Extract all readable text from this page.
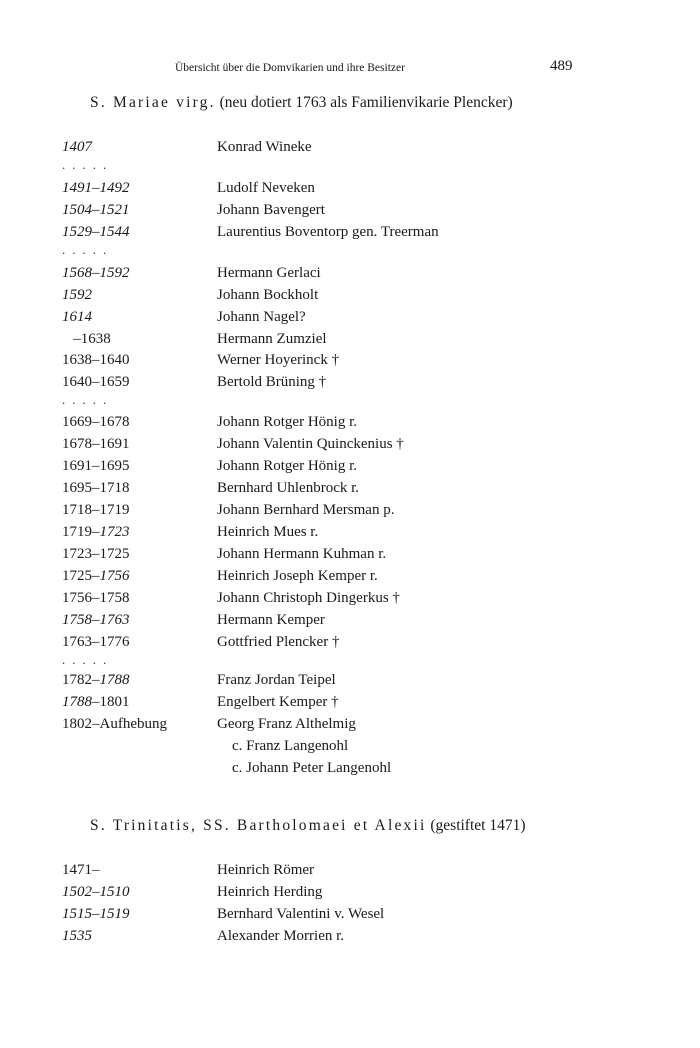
Übersicht über die Domvikarien und ihre Besitzer	489
S. Mariae virg. (neu dotiert 1763 als Familienvikarie Plencker)
1407	Konrad Wineke
.....
1491–1492	Ludolf Neveken
1504–1521	Johann Bavengert
1529–1544	Laurentius Boventorp gen. Treerman
.....
1568–1592	Hermann Gerlaci
1592	Johann Bockholt
1614	Johann Nagel?
–1638	Hermann Zumziel
1638–1640	Werner Hoyerinck †
1640–1659	Bertold Brüning †
.....
1669–1678	Johann Rotger Hönig r.
1678–1691	Johann Valentin Quinckenius †
1691–1695	Johann Rotger Hönig r.
1695–1718	Bernhard Uhlenbrock r.
1718–1719	Johann Bernhard Mersman p.
1719–1723	Heinrich Mues r.
1723–1725	Johann Hermann Kuhman r.
1725–1756	Heinrich Joseph Kemper r.
1756–1758	Johann Christoph Dingerkus †
1758–1763	Hermann Kemper
1763–1776	Gottfried Plencker †
.....
1782–1788	Franz Jordan Teipel
1788–1801	Engelbert Kemper †
1802–Aufhebung	Georg Franz Althelmig
c. Franz Langenohl
c. Johann Peter Langenohl
S. Trinitatis, SS. Bartholomaei et Alexii (gestiftet 1471)
1471–	Heinrich Römer
1502–1510	Heinrich Herding
1515–1519	Bernhard Valentini v. Wesel
1535	Alexander Morrien r.
